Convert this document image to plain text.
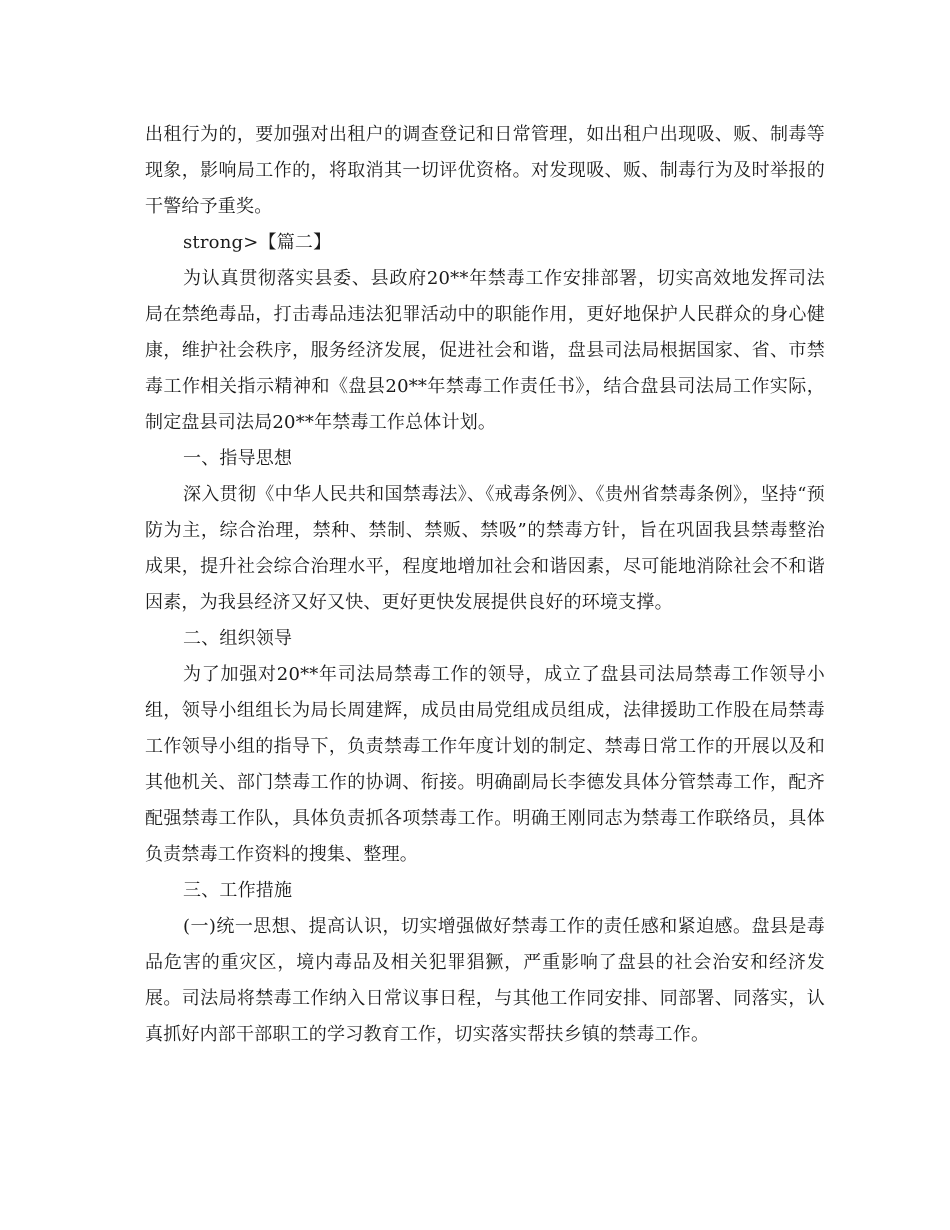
出租行为的，要加强对出租户的调查登记和日常管理，如出租户出现吸、贩、制毒等现象，影响局工作的，将取消其一切评优资格。对发现吸、贩、制毒行为及时举报的干警给予重奖。

strong>【篇二】

为认真贯彻落实县委、县政府20**年禁毒工作安排部署，切实高效地发挥司法局在禁绝毒品，打击毒品违法犯罪活动中的职能作用，更好地保护人民群众的身心健康，维护社会秩序，服务经济发展，促进社会和谐，盘县司法局根据国家、省、市禁毒工作相关指示精神和《盘县20**年禁毒工作责任书》，结合盘县司法局工作实际，制定盘县司法局20**年禁毒工作总体计划。

一、指导思想

深入贯彻《中华人民共和国禁毒法》、《戒毒条例》、《贵州省禁毒条例》，坚持“预防为主，综合治理，禁种、禁制、禁贩、禁吸”的禁毒方针，旨在巩固我县禁毒整治成果，提升社会综合治理水平，程度地增加社会和谐因素，尽可能地消除社会不和谐因素，为我县经济又好又快、更好更快发展提供良好的环境支撑。

二、组织领导

为了加强对20**年司法局禁毒工作的领导，成立了盘县司法局禁毒工作领导小组，领导小组组长为局长周建辉，成员由局党组成员组成，法律援助工作股在局禁毒工作领导小组的指导下，负责禁毒工作年度计划的制定、禁毒日常工作的开展以及和其他机关、部门禁毒工作的协调、衔接。明确副局长李德发具体分管禁毒工作，配齐配强禁毒工作队，具体负责抓各项禁毒工作。明确王刚同志为禁毒工作联络员，具体负责禁毒工作资料的搜集、整理。

三、工作措施

(一)统一思想、提高认识，切实增强做好禁毒工作的责任感和紧迫感。盘县是毒品危害的重灾区，境内毒品及相关犯罪猖獗，严重影响了盘县的社会治安和经济发展。司法局将禁毒工作纳入日常议事日程，与其他工作同安排、同部署、同落实，认真抓好内部干部职工的学习教育工作，切实落实帮扶乡镇的禁毒工作。
